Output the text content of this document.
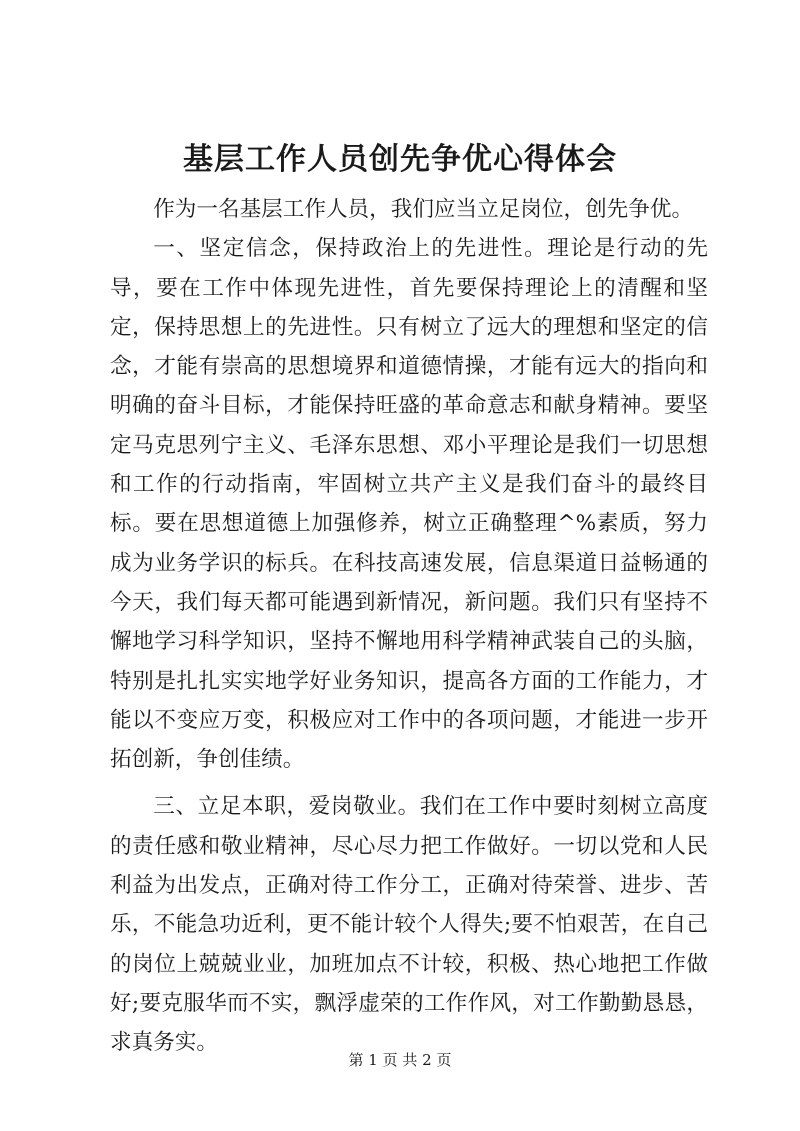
基层工作人员创先争优心得体会

作为一名基层工作人员，我们应当立足岗位，创先争优。

一、坚定信念，保持政治上的先进性。理论是行动的先导，要在工作中体现先进性，首先要保持理论上的清醒和坚定，保持思想上的先进性。只有树立了远大的理想和坚定的信念，才能有崇高的思想境界和道德情操，才能有远大的指向和明确的奋斗目标，才能保持旺盛的革命意志和献身精神。要坚定马克思列宁主义、毛泽东思想、邓小平理论是我们一切思想和工作的行动指南，牢固树立共产主义是我们奋斗的最终目标。要在思想道德上加强修养，树立正确整理^%素质，努力成为业务学识的标兵。在科技高速发展，信息渠道日益畅通的今天，我们每天都可能遇到新情况，新问题。我们只有坚持不懈地学习科学知识，坚持不懈地用科学精神武装自己的头脑，特别是扎扎实实地学好业务知识，提高各方面的工作能力，才能以不变应万变，积极应对工作中的各项问题，才能进一步开拓创新，争创佳绩。

三、立足本职，爱岗敬业。我们在工作中要时刻树立高度的责任感和敬业精神，尽心尽力把工作做好。一切以党和人民利益为出发点，正确对待工作分工，正确对待荣誉、进步、苦乐，不能急功近利，更不能计较个人得失;要不怕艰苦，在自己的岗位上兢兢业业，加班加点不计较，积极、热心地把工作做好;要克服华而不实，飘浮虚荣的工作作风，对工作勤勤恳恳，求真务实。

第 1 页 共 2 页
